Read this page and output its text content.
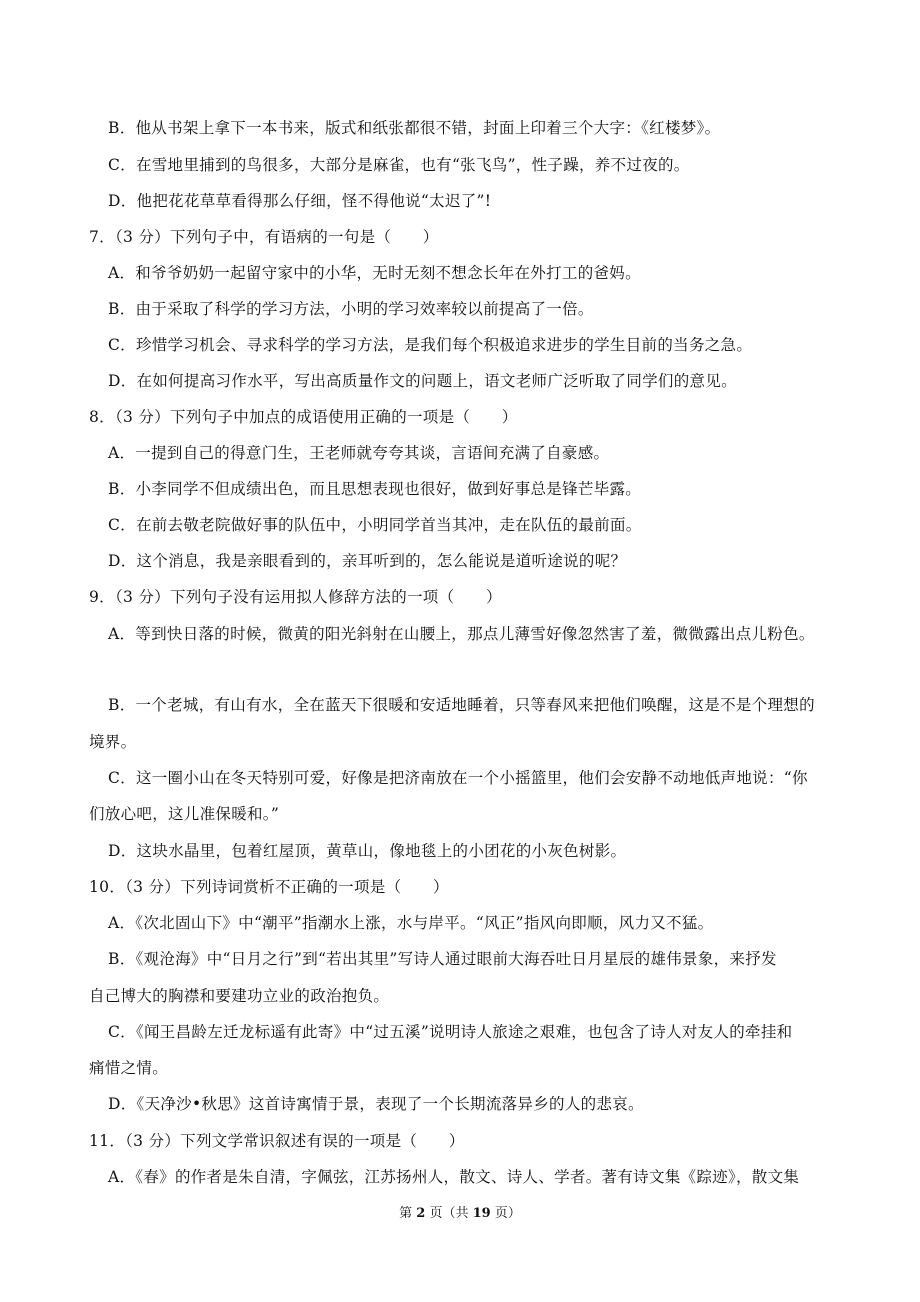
B．他从书架上拿下一本书来，版式和纸张都很不错，封面上印着三个大字：《红楼梦》。
C．在雪地里捕到的鸟很多，大部分是麻雀，也有“张飞鸟”，性子躁，养不过夜的。
D．他把花花草草看得那么仔细，怪不得他说“太迟了”!
7．（3 分）下列句子中，有语病的一句是（　　）
A．和爷爷奶奶一起留守家中的小华，无时无刻不想念长年在外打工的爸妈。
B．由于采取了科学的学习方法，小明的学习效率较以前提高了一倍。
C．珍惜学习机会、寻求科学的学习方法，是我们每个积极追求进步的学生目前的当务之急。
D．在如何提高习作水平，写出高质量作文的问题上，语文老师广泛听取了同学们的意见。
8．（3 分）下列句子中加点的成语使用正确的一项是（　　）
A．一提到自己的得意门生，王老师就夸夸其谈，言语间充满了自豪感。
B．小李同学不但成绩出色，而且思想表现也很好，做到好事总是锋芒毕露。
C．在前去敬老院做好事的队伍中，小明同学首当其冲，走在队伍的最前面。
D．这个消息，我是亲眼看到的，亲耳听到的，怎么能说是道听途说的呢？
9．（3 分）下列句子没有运用拟人修辞方法的一项（　　）
A．等到快日落的时候，微黄的阳光斜射在山腰上，那点儿薄雪好像忽然害了羞，微微露出点儿粉色。
B．一个老城，有山有水，全在蓝天下很暖和安适地睡着，只等春风来把他们唤醒，这是不是个理想的
境界。
C．这一圈小山在冬天特别可爱，好像是把济南放在一个小摇篮里，他们会安静不动地低声地说：“你
们放心吧，这儿准保暖和。”
D．这块水晶里，包着红屋顶，黄草山，像地毯上的小团花的小灰色树影。
10．（3 分）下列诗词赏析不正确的一项是（　　）
A．《次北固山下》中“潮平”指潮水上涨，水与岸平。“风正”指风向即顺，风力又不猛。
B．《观沧海》中“日月之行”到“若出其里”写诗人通过眼前大海吞吐日月星辰的雄伟景象，来抒发
自己博大的胸襟和要建功立业的政治抱负。
C．《闻王昌龄左迁龙标遥有此寄》中“过五溪”说明诗人旅途之艰难，也包含了诗人对友人的牵挂和
痛惜之情。
D．《天净沙•秋思》这首诗寓情于景，表现了一个长期流落异乡的人的悲哀。
11．（3 分）下列文学常识叙述有误的一项是（　　）
A．《春》的作者是朱自清，字佩弦，江苏扬州人，散文、诗人、学者。著有诗文集《踪迹》，散文集
第 2 页（共 19 页）
